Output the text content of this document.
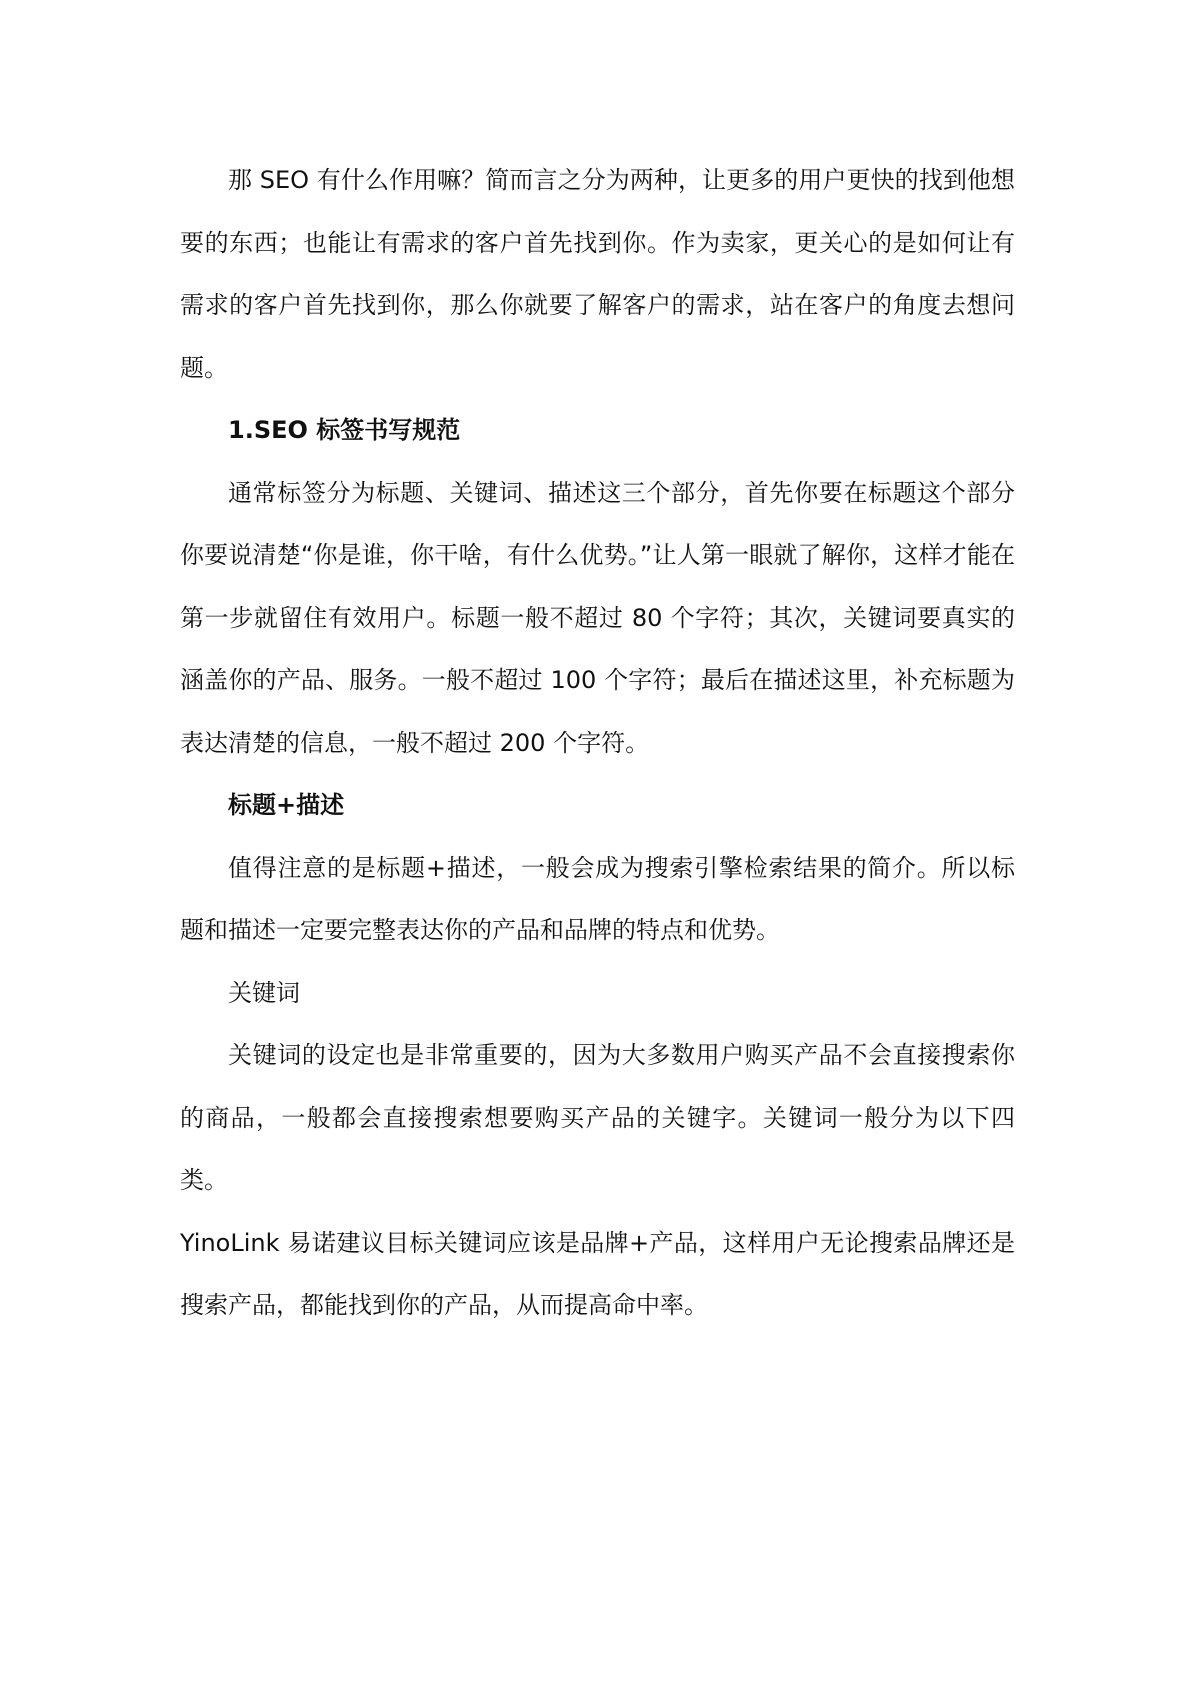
那 SEO 有什么作用嘛？简而言之分为两种，让更多的用户更快的找到他想要的东西；也能让有需求的客户首先找到你。作为卖家，更关心的是如何让有需求的客户首先找到你，那么你就要了解客户的需求，站在客户的角度去想问题。

1.SEO 标签书写规范

通常标签分为标题、关键词、描述这三个部分，首先你要在标题这个部分你要说清楚“你是谁，你干啥，有什么优势。”让人第一眼就了解你，这样才能在第一步就留住有效用户。标题一般不超过 80 个字符；其次，关键词要真实的涵盖你的产品、服务。一般不超过 100 个字符；最后在描述这里，补充标题为表达清楚的信息，一般不超过 200 个字符。

标题+描述

值得注意的是标题+描述，一般会成为搜索引擎检索结果的简介。所以标题和描述一定要完整表达你的产品和品牌的特点和优势。

关键词

关键词的设定也是非常重要的，因为大多数用户购买产品不会直接搜索你的商品，一般都会直接搜索想要购买产品的关键字。关键词一般分为以下四类。

YinoLink 易诺建议目标关键词应该是品牌+产品，这样用户无论搜索品牌还是搜索产品，都能找到你的产品，从而提高命中率。
